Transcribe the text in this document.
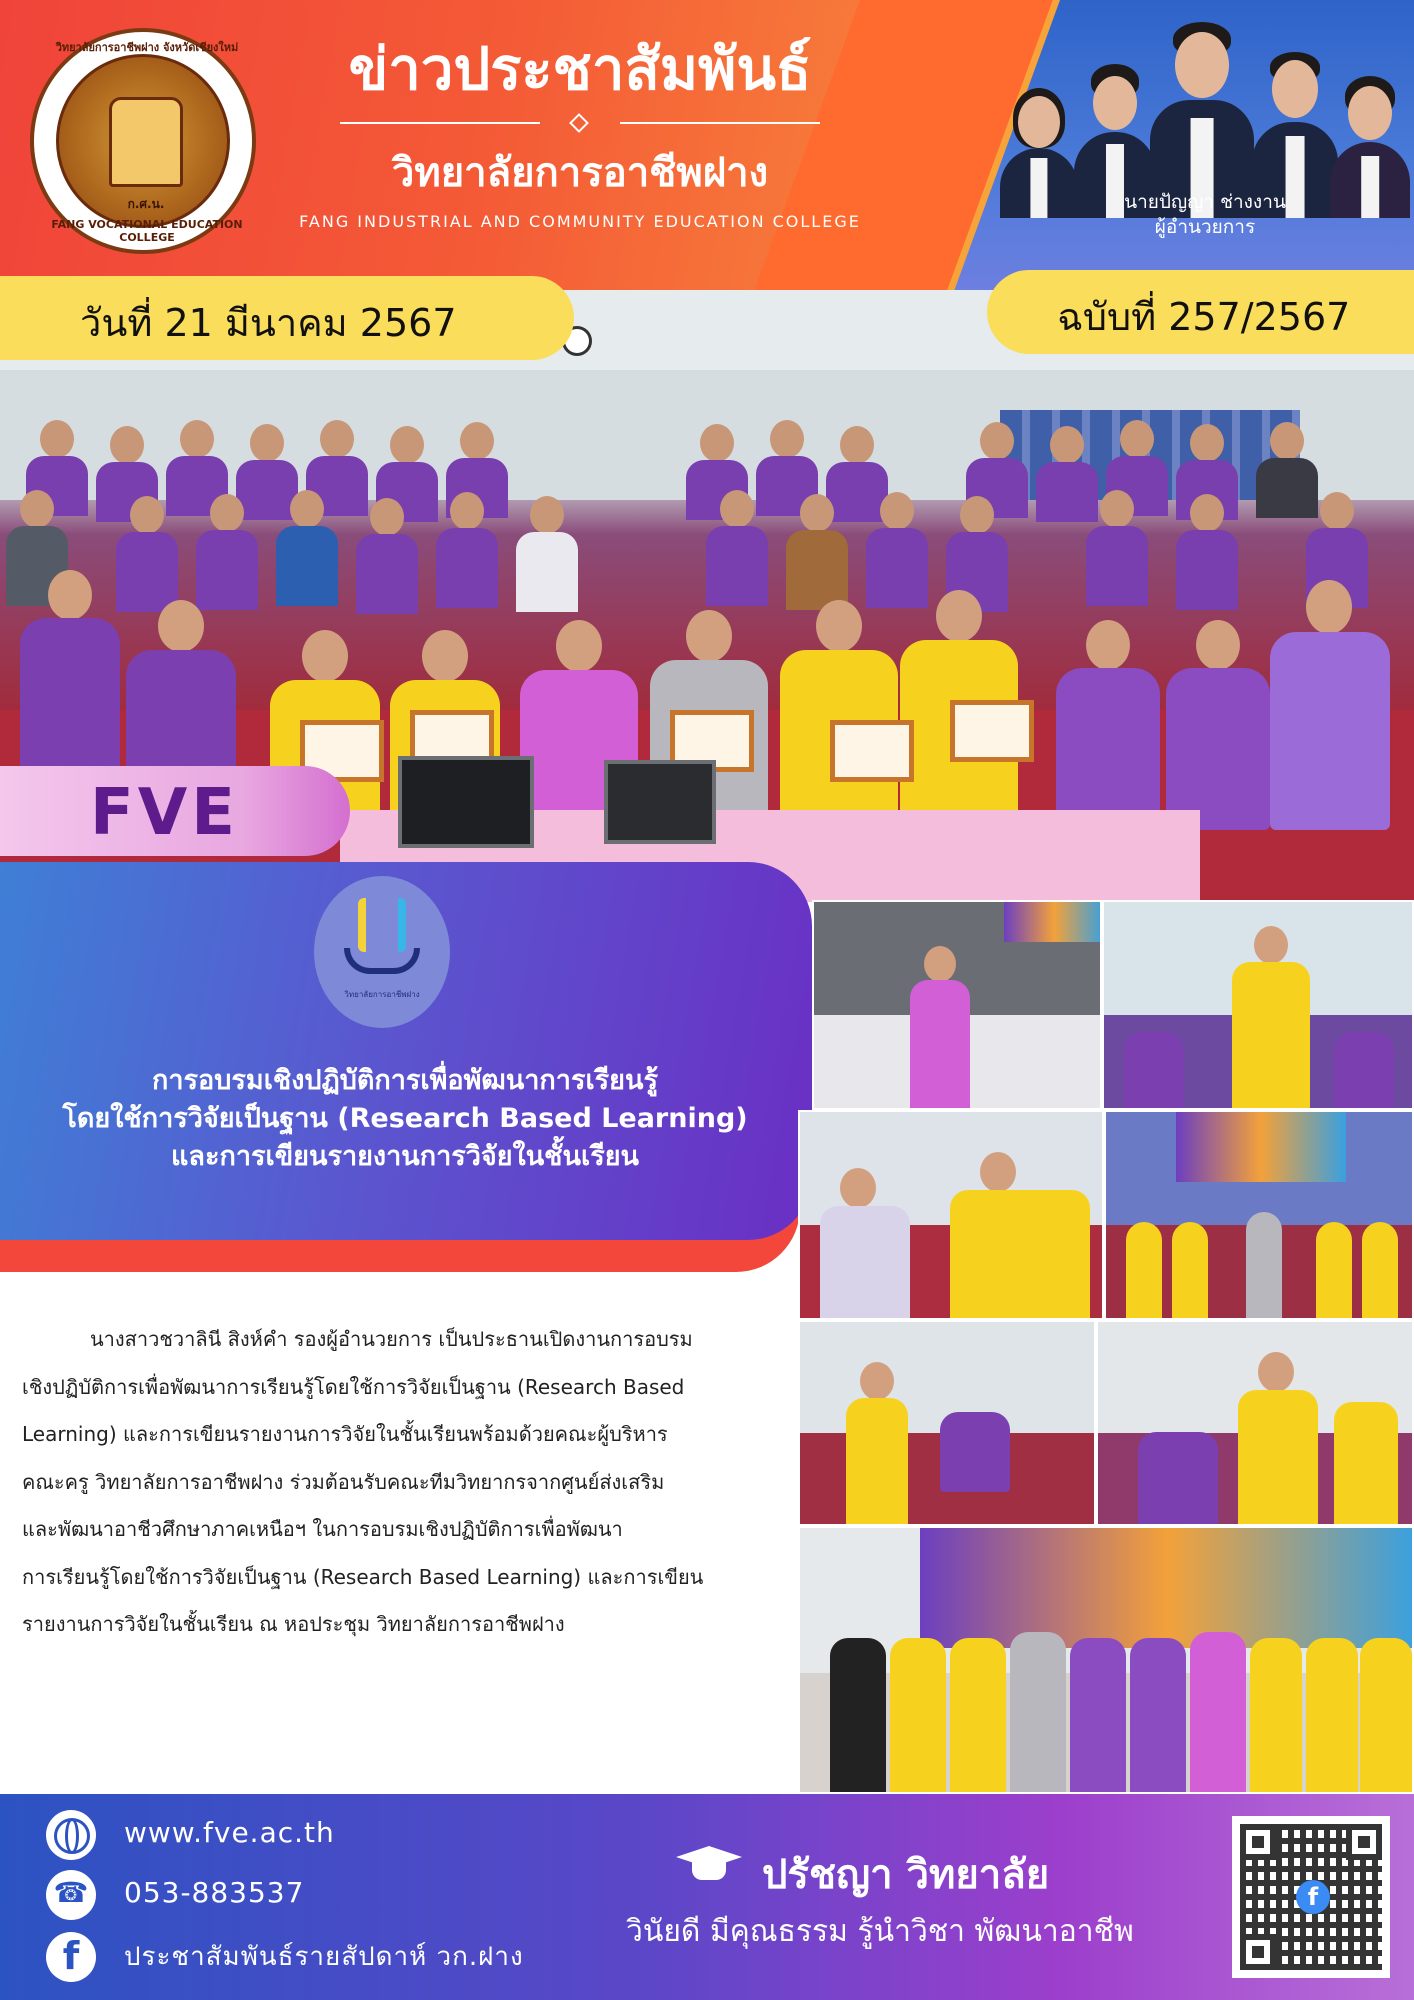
วิทยาลัยการอาชีพฝาง จังหวัดเชียงใหม่
ก.ศ.น.
FANG VOCATIONAL EDUCATION COLLEGE
ข่าวประชาสัมพันธ์
วิทยาลัยการอาชีพฝาง
FANG INDUSTRIAL AND COMMUNITY EDUCATION COLLEGE
นายปัญญา ช่างงาน
ผู้อำนวยการ
FVE
วันที่ 21 มีนาคม 2567	ฉบับที่ 257/2567
วิทยาลัยการอาชีพฝาง
การอบรมเชิงปฏิบัติการเพื่อพัฒนาการเรียนรู้
โดยใช้การวิจัยเป็นฐาน (Research Based Learning)
และการเขียนรายงานการวิจัยในชั้นเรียน
นางสาวชวาลินี สิงห์คำ รองผู้อำนวยการ เป็นประธานเปิดงานการอบรม
เชิงปฏิบัติการเพื่อพัฒนาการเรียนรู้โดยใช้การวิจัยเป็นฐาน (Research Based
Learning) และการเขียนรายงานการวิจัยในชั้นเรียนพร้อมด้วยคณะผู้บริหาร
คณะครู วิทยาลัยการอาชีพฝาง ร่วมต้อนรับคณะทีมวิทยากรจากศูนย์ส่งเสริม
และพัฒนาอาชีวศึกษาภาคเหนือฯ ในการอบรมเชิงปฏิบัติการเพื่อพัฒนา
การเรียนรู้โดยใช้การวิจัยเป็นฐาน (Research Based Learning) และการเขียน
รายงานการวิจัยในชั้นเรียน ณ หอประชุม วิทยาลัยการอาชีพฝาง
www.fve.ac.th
☎ 053-883537
f	ประชาสัมพันธ์รายสัปดาห์ วก.ฝาง
ปรัชญา วิทยาลัย
วินัยดี มีคุณธรรม รู้นำวิชา พัฒนาอาชีพ
f
